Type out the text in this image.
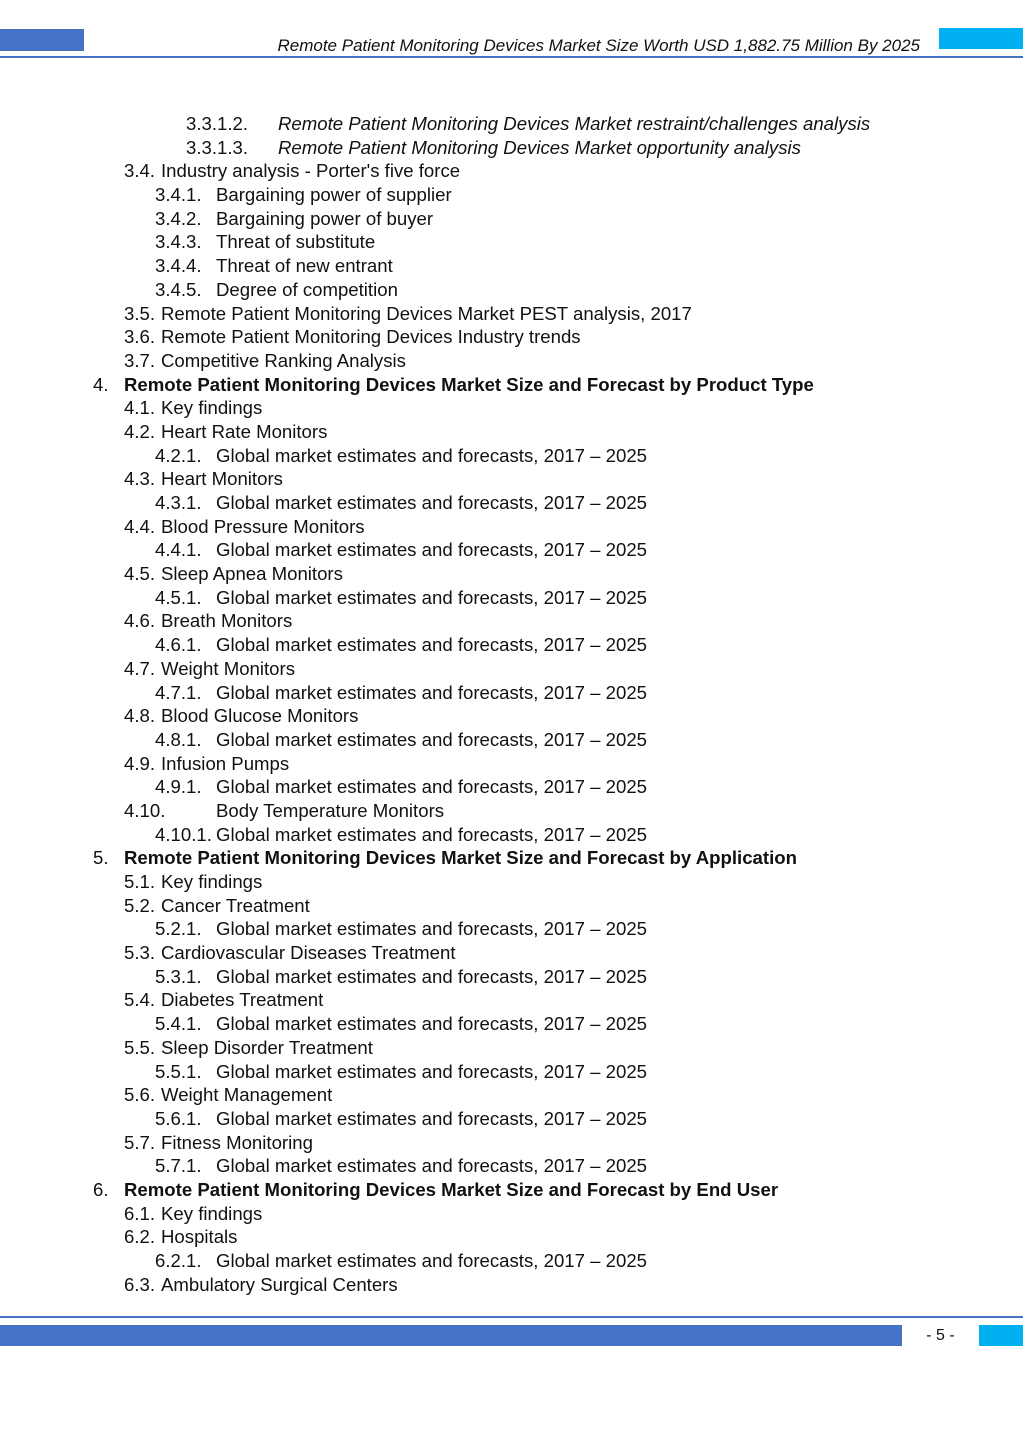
Remote Patient Monitoring Devices Market Size Worth USD 1,882.75 Million By 2025
3.3.1.2. Remote Patient Monitoring Devices Market restraint/challenges analysis
3.3.1.3. Remote Patient Monitoring Devices Market opportunity analysis
3.4. Industry analysis - Porter's five force
3.4.1. Bargaining power of supplier
3.4.2. Bargaining power of buyer
3.4.3. Threat of substitute
3.4.4. Threat of new entrant
3.4.5. Degree of competition
3.5. Remote Patient Monitoring Devices Market PEST analysis, 2017
3.6. Remote Patient Monitoring Devices Industry trends
3.7. Competitive Ranking Analysis
4. Remote Patient Monitoring Devices Market Size and Forecast by Product Type
4.1. Key findings
4.2. Heart Rate Monitors
4.2.1. Global market estimates and forecasts, 2017 – 2025
4.3. Heart Monitors
4.3.1. Global market estimates and forecasts, 2017 – 2025
4.4. Blood Pressure Monitors
4.4.1. Global market estimates and forecasts, 2017 – 2025
4.5. Sleep Apnea Monitors
4.5.1. Global market estimates and forecasts, 2017 – 2025
4.6. Breath Monitors
4.6.1. Global market estimates and forecasts, 2017 – 2025
4.7. Weight Monitors
4.7.1. Global market estimates and forecasts, 2017 – 2025
4.8. Blood Glucose Monitors
4.8.1. Global market estimates and forecasts, 2017 – 2025
4.9. Infusion Pumps
4.9.1. Global market estimates and forecasts, 2017 – 2025
4.10.	Body Temperature Monitors
4.10.1. Global market estimates and forecasts, 2017 – 2025
5. Remote Patient Monitoring Devices Market Size and Forecast by Application
5.1. Key findings
5.2. Cancer Treatment
5.2.1. Global market estimates and forecasts, 2017 – 2025
5.3. Cardiovascular Diseases Treatment
5.3.1. Global market estimates and forecasts, 2017 – 2025
5.4. Diabetes Treatment
5.4.1. Global market estimates and forecasts, 2017 – 2025
5.5. Sleep Disorder Treatment
5.5.1. Global market estimates and forecasts, 2017 – 2025
5.6. Weight Management
5.6.1. Global market estimates and forecasts, 2017 – 2025
5.7. Fitness Monitoring
5.7.1. Global market estimates and forecasts, 2017 – 2025
6. Remote Patient Monitoring Devices Market Size and Forecast by End User
6.1. Key findings
6.2. Hospitals
6.2.1. Global market estimates and forecasts, 2017 – 2025
6.3. Ambulatory Surgical Centers
- 5 -
